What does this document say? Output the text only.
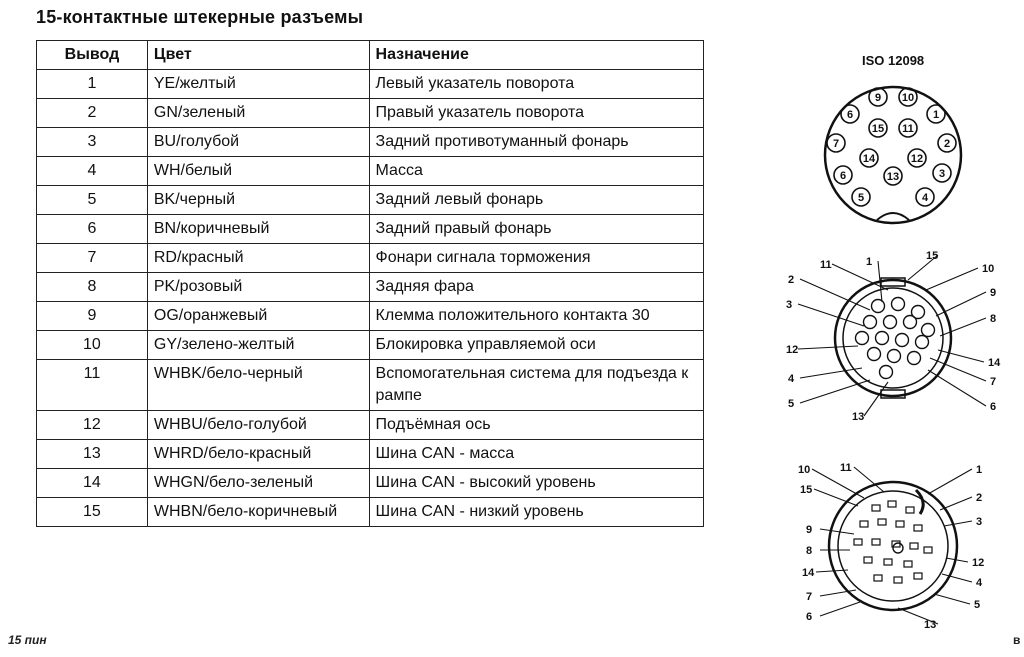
15-контактные штекерные разъемы
Вывод	Цвет	Назначение
1	YE/желтый	Левый указатель поворота
2	GN/зеленый	Правый указатель поворота
3	BU/голубой	Задний противотуманный фонарь
4	WH/белый	Масса
5	BK/черный	Задний левый фонарь
6	BN/коричневый	Задний правый фонарь
7	RD/красный	Фонари сигнала торможения
8	PK/розовый	Задняя фара
9	OG/оранжевый	Клемма положительного контакта 30
10	GY/зелено-желтый	Блокировка управляемой оси
11	WHBK/бело-черный	Вспомогательная система для подъезда к рампе
12	WHBU/бело-голубой	Подъёмная ось
13	WHRD/бело-красный	Шина CAN - масса
14	WHGN/бело-зеленый	Шина CAN - высокий уровень
15	WHBN/бело-коричневый	Шина CAN - низкий уровень
ISO 12098
9 10
6	1
15 11
7	2
14	12
6	13	3
5	4
1
2
3
4
5	6
7
8
9
10
11
12
13
14
15
1
2
3
4
5
6
7
8
9
10	11
12
13
14
15
15 пин	в
